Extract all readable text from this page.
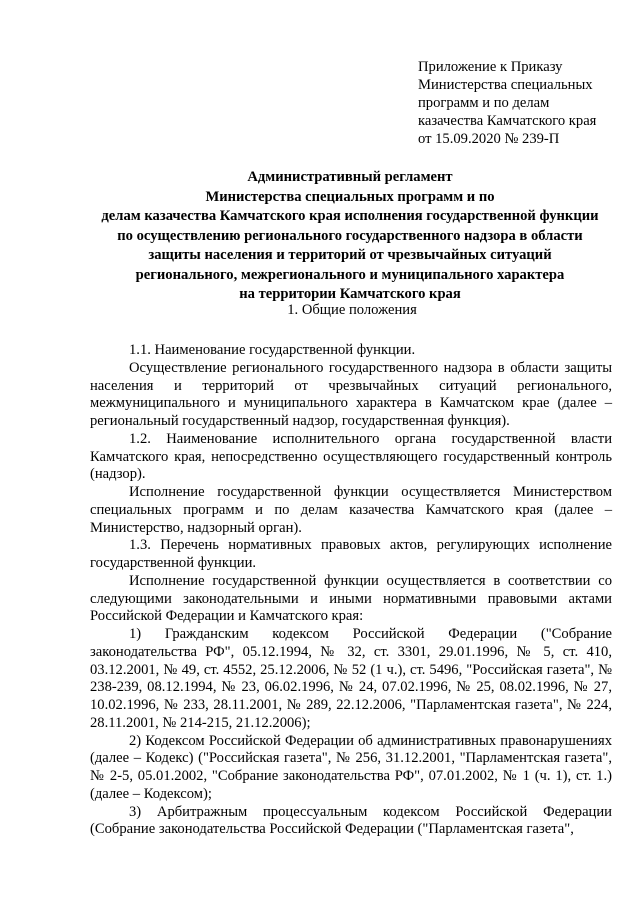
Приложение к Приказу
Министерства специальных
программ и по делам
казачества Камчатского края
от 15.09.2020 № 239-П
Административный регламент
Министерства специальных программ и по
делам казачества Камчатского края исполнения государственной функции
по осуществлению регионального государственного надзора в области
защиты населения и территорий от чрезвычайных ситуаций
регионального, межрегионального и муниципального характера
на территории Камчатского края
1. Общие положения

1.1. Наименование государственной функции.

Осуществление регионального государственного надзора в области защиты населения и территорий от чрезвычайных ситуаций регионального, межмуниципального и муниципального характера в Камчатском крае (далее – региональный государственный надзор, государственная функция).

1.2. Наименование исполнительного органа государственной власти Камчатского края, непосредственно осуществляющего государственный контроль (надзор).

Исполнение государственной функции осуществляется Министерством специальных программ и по делам казачества Камчатского края (далее – Министерство, надзорный орган).

1.3. Перечень нормативных правовых актов, регулирующих исполнение государственной функции.

Исполнение государственной функции осуществляется в соответствии со следующими законодательными и иными нормативными правовыми актами Российской Федерации и Камчатского края:

1) Гражданским кодексом Российской Федерации ("Собрание законодательства РФ", 05.12.1994, № 32, ст. 3301, 29.01.1996, № 5, ст. 410, 03.12.2001, № 49, ст. 4552, 25.12.2006, № 52 (1 ч.), ст. 5496, "Российская газета", № 238-239, 08.12.1994, № 23, 06.02.1996, № 24, 07.02.1996, № 25, 08.02.1996, № 27, 10.02.1996, № 233, 28.11.2001, № 289, 22.12.2006, "Парламентская газета", № 224, 28.11.2001, № 214-215, 21.12.2006);

2) Кодексом Российской Федерации об административных правонарушениях (далее – Кодекс) ("Российская газета", № 256, 31.12.2001, "Парламентская газета", № 2-5, 05.01.2002, "Собрание законодательства РФ", 07.01.2002, № 1 (ч. 1), ст. 1.) (далее – Кодексом);

3) Арбитражным процессуальным кодексом Российской Федерации (Собрание законодательства Российской Федерации ("Парламентская газета",
